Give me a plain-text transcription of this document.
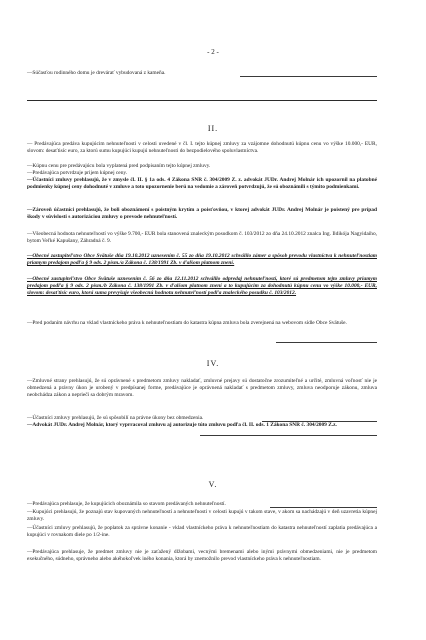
- 2 -
— Súčasťou rodinného domu je drevárať vybudovaná z kameňa.
II.
— Predávajúca predáva kupujúcim nehnuteľnosti v celosti uvedené v čl. I. tejto kúpnej zmluvy za vzájomne dohodnutú kúpnu cenu vo výške 10.000,- EUR, slovom: desaťtisíc euro, za ktorú sumu kupujúci kupujú nehnuteľnosti do bezpodielového spoluvlastníctva.
— Kúpnu cenu pre predávajúcu bola vyplatená pred podpisaním tejto kúpnej zmluvy.
— Predávajúca potvrdzuje prijem kúpnej ceny.
— Účastníci zmluvy prehlasujú, že v zmysle čl. II. § 1a ods. 4 Zákona SNR č. 304/2009 Z. z. advokát JUDr. Andrej Molnár ich upozornil na platobné podmienky kúpnej ceny dohodnuté v zmluve a toto upozornenie berú na vedomie a zároveň potvrdzujú, že sú oboznámili s týmito podmienkami.
— Zároveň účastníci prehlasujú, že boli oboznámení s poistným krytím a poisťovňou, v ktorej advokát JUDr. Andrej Molnár je poistený pre prípad škody v súvislosti s autorizáciou zmluvy o prevode nehnuteľností.
— Všeobecná hodnota nehnuteľností vo výške 9.700,- EUR bola stanovená znaleckým posudkom č. 103/2012 zo dňa 24.10.2012 znalca Ing. Ildikója Nagyidaiho, bytom Veľké Kapušany, Záhradná č. 9.
— Obecné zastupiteľstvo Obce Svätuše dňa 19.10.2012 uznesením č. 55 zo dňa 19.10.2012 schválilo zámer a spôsob prevodu vlastníctva k nehnuteľnostiam priamym predajom podľa § 9 ods. 2 písm./a Zákona č. 138/1991 Zb. v ďalšom platnom znení.
— Obecné zastupiteľstvo Obce Svätuše uznesením č. 56 zo dňa 12.11.2012 schválilo odpredaj nehnuteľností, ktoré sú predmetom tejto zmluvy priamym predajom podľa § 9 ods. 2 písm./b Zákona č. 138/1991 Zb. v ďalšom platnom znení a to kupujúcim za dohodnutú kúpnu cenu vo výške 10.000,- EUR, slovom: desaťtisíc euro, ktorá suma prevyšuje všeobecnú hodnotu nehnuteľností podľa znaleckého posudku č. 103/2012.
— Pred podaním návrhu na vklad vlastníckeho práva k nehnuteľnostiam do katastra kúpna zmluva bola zverejnená na webovom sídle Obce Svätuše.
IV.
— Zmluvné strany prehlasujú, že sú oprávnené s predmetom zmluvy nakladať, zmluvné prejavy sú dostatočne zrozumiteľné a určité, zmluvná voľnosť nie je obmedzená a právny úkon je urobený v predpísanej forme, predávajúce je oprávnená nakladať s predmetom zmluvy, zmluva neodporuje zákonu, zmluva neobchádza zákon a neprieči sa dobrým mravom.
— Účastníci zmluvy prehlasujú, že sú spôsobilí na právne úkony bez obmedzenia.
— Advokát JUDr. Andrej Molnár, ktorý vyprracoval zmluvu aj autorizuje túto zmluvu podľa čl. II. ods. 1 Zákona SNR č. 304/2009 Z.z.
V.
— Predávajúca prehlasuje, že kupujúcich oboznámila so stavom predávaných nehnuteľností.
— Kupujúci prehlasujú, že poznajú stav kupovaných nehnuteľností a nehnuteľnosti v celosti kupujú v takom stave, v akom sa nachádzajú v deň uzavretia kúpnej zmluvy.
— Účastníci zmluvy prehlasujú, že poplatok za správne konanie - vklad vlastníckeho práva k nehnuteľnostiam do katastra nehnuteľností zaplatia predávajúca a kupujúci v rovnakom diele po 1/2-ine.
— Predávajúca prehlasuje, že predmet zmluvy nie je zaťažený dlžobami, vecnými bremenami alebo inými právnymi obmedzeniami, nie je predmetom exekučného, súdneho, správneho alebo akéhokoľvek iného konania, ktorá by znemožnilo prevod vlastníckeho práva k nehnuteľnostiam.
